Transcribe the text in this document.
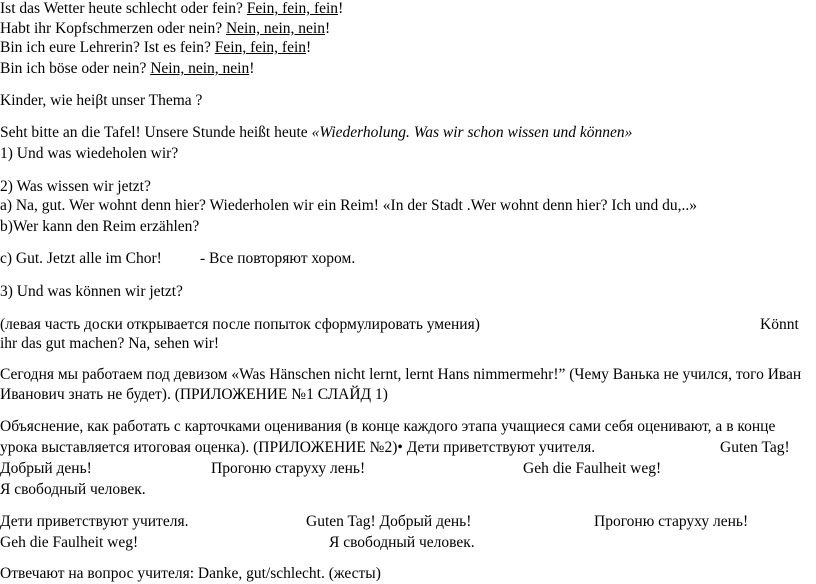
Ist das Wetter heute schlecht oder fein? Fein, fein, fein!
Habt ihr Kopfschmerzen oder nein? Nein, nein, nein!
Bin ich eure Lehrerin? Ist es fein? Fein, fein, fein!
Bin ich böse oder nein? Nein, nein, nein!
Kinder, wie heiβt unser Thema ?
Seht bitte an die Tafel! Unsere Stunde heißt heute «Wiederholung. Was wir schon wissen und können»
1) Und was wiedeholen wir?
2) Was wissen wir jetzt?
a) Na, gut. Wer wohnt denn hier? Wiederholen wir ein Reim! «In der Stadt .Wer wohnt denn hier? Ich und du,..»
b)Wer kann den Reim erzählen?
c) Gut. Jetzt alle im Chor! - Все повторяют хором.
3) Und was können wir jetzt?
(левая часть доски открывается после попыток сформулировать умения)	Könnt
ihr das gut machen? Na, sehen wir!
Сегодня мы работаем под девизом «Was Hänschen nicht lernt, lernt Hans nimmermehr!” (Чему Ванька не учился, того Иван
Иванович знать не будет). (ПРИЛОЖЕНИЕ №1 СЛАЙД 1)
Объяснение, как работать с карточками оценивания (в конце каждого этапа учащиеся сами себя оценивают, а в конце
урока выставляется итоговая оценка). (ПРИЛОЖЕНИЕ №2)• Дети приветствуют учителя.	Guten Tag!
Добрый день!	Прогоню старуху лень!	Geh die Faulheit weg!
Я свободный человек.
Дети приветствуют учителя.	Guten Tag! Добрый день!	Прогоню старуху лень!
Geh die Faulheit weg!	Я свободный человек.
Отвечают на вопрос учителя: Danke, gut/schlecht. (жесты)
